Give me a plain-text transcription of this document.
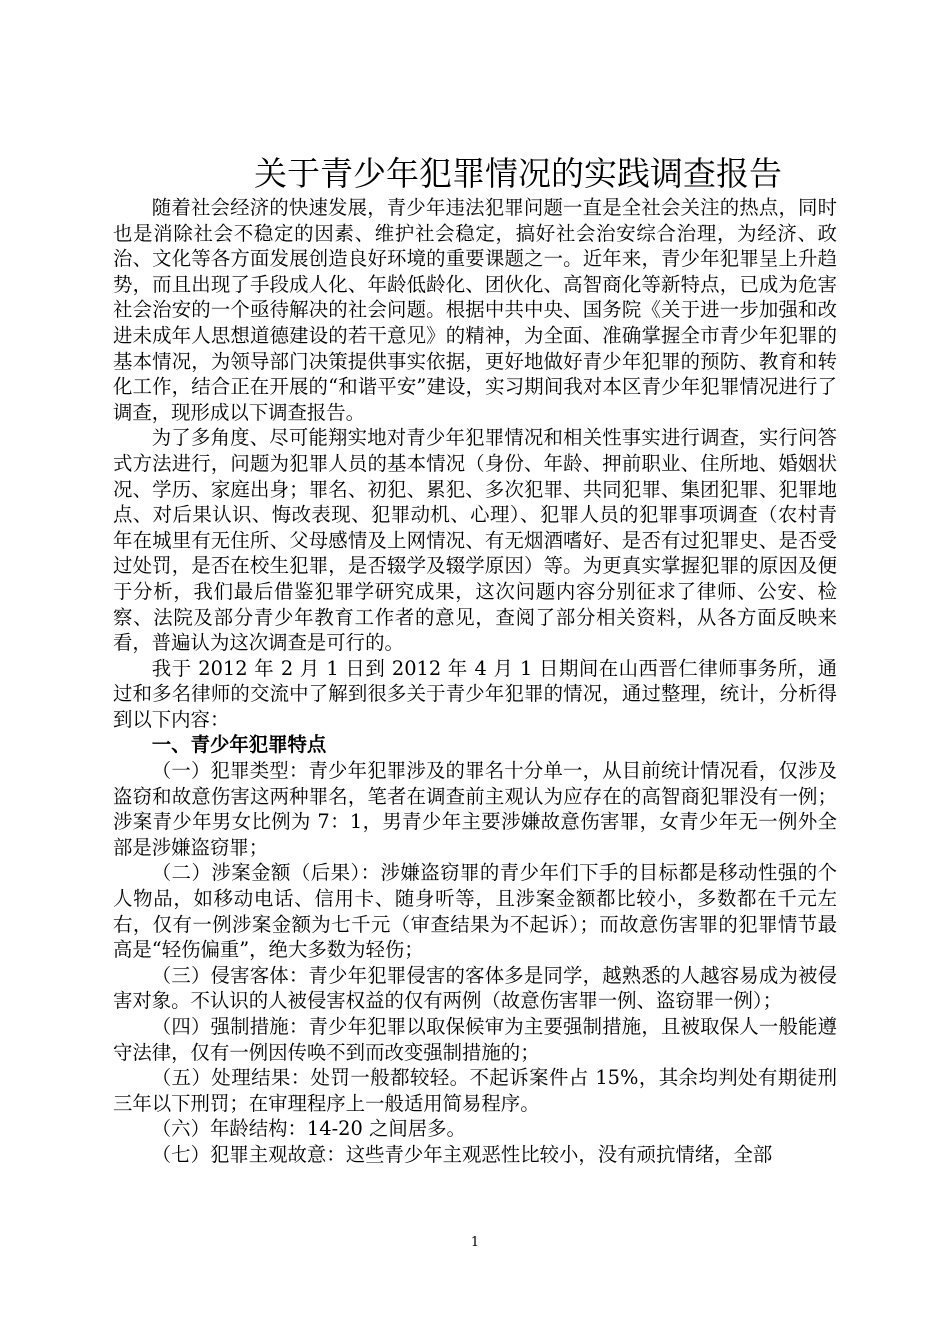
关于青少年犯罪情况的实践调查报告

随着社会经济的快速发展，青少年违法犯罪问题一直是全社会关注的热点，同时也是消除社会不稳定的因素、维护社会稳定，搞好社会治安综合治理，为经济、政治、文化等各方面发展创造良好环境的重要课题之一。近年来，青少年犯罪呈上升趋势，而且出现了手段成人化、年龄低龄化、团伙化、高智商化等新特点，已成为危害社会治安的一个亟待解决的社会问题。根据中共中央、国务院《关于进一步加强和改进未成年人思想道德建设的若干意见》的精神，为全面、准确掌握全市青少年犯罪的基本情况，为领导部门决策提供事实依据，更好地做好青少年犯罪的预防、教育和转化工作，结合正在开展的“和谐平安”建设，实习期间我对本区青少年犯罪情况进行了调查，现形成以下调查报告。

为了多角度、尽可能翔实地对青少年犯罪情况和相关性事实进行调查，实行问答式方法进行，问题为犯罪人员的基本情况（身份、年龄、押前职业、住所地、婚姻状况、学历、家庭出身；罪名、初犯、累犯、多次犯罪、共同犯罪、集团犯罪、犯罪地点、对后果认识、悔改表现、犯罪动机、心理）、犯罪人员的犯罪事项调查（农村青年在城里有无住所、父母感情及上网情况、有无烟酒嗜好、是否有过犯罪史、是否受过处罚，是否在校生犯罪，是否辍学及辍学原因）等。为更真实掌握犯罪的原因及便于分析，我们最后借鉴犯罪学研究成果，这次问题内容分别征求了律师、公安、检察、法院及部分青少年教育工作者的意见，查阅了部分相关资料，从各方面反映来看，普遍认为这次调查是可行的。

我于 2012 年 2 月 1 日到 2012 年 4 月 1 日期间在山西晋仁律师事务所，通过和多名律师的交流中了解到很多关于青少年犯罪的情况，通过整理，统计，分析得到以下内容：

一、青少年犯罪特点

（一）犯罪类型：青少年犯罪涉及的罪名十分单一，从目前统计情况看，仅涉及盗窃和故意伤害这两种罪名，笔者在调查前主观认为应存在的高智商犯罪没有一例；涉案青少年男女比例为 7：1，男青少年主要涉嫌故意伤害罪，女青少年无一例外全部是涉嫌盗窃罪；

（二）涉案金额（后果）：涉嫌盗窃罪的青少年们下手的目标都是移动性强的个人物品，如移动电话、信用卡、随身听等，且涉案金额都比较小，多数都在千元左右，仅有一例涉案金额为七千元（审查结果为不起诉）；而故意伤害罪的犯罪情节最高是“轻伤偏重”，绝大多数为轻伤；

（三）侵害客体：青少年犯罪侵害的客体多是同学，越熟悉的人越容易成为被侵害对象。不认识的人被侵害权益的仅有两例（故意伤害罪一例、盗窃罪一例）；

（四）强制措施：青少年犯罪以取保候审为主要强制措施，且被取保人一般能遵守法律，仅有一例因传唤不到而改变强制措施的；

（五）处理结果：处罚一般都较轻。不起诉案件占 15%，其余均判处有期徒刑三年以下刑罚；在审理程序上一般适用简易程序。

（六）年龄结构：14-20 之间居多。

（七）犯罪主观故意：这些青少年主观恶性比较小，没有顽抗情绪，全部

1
